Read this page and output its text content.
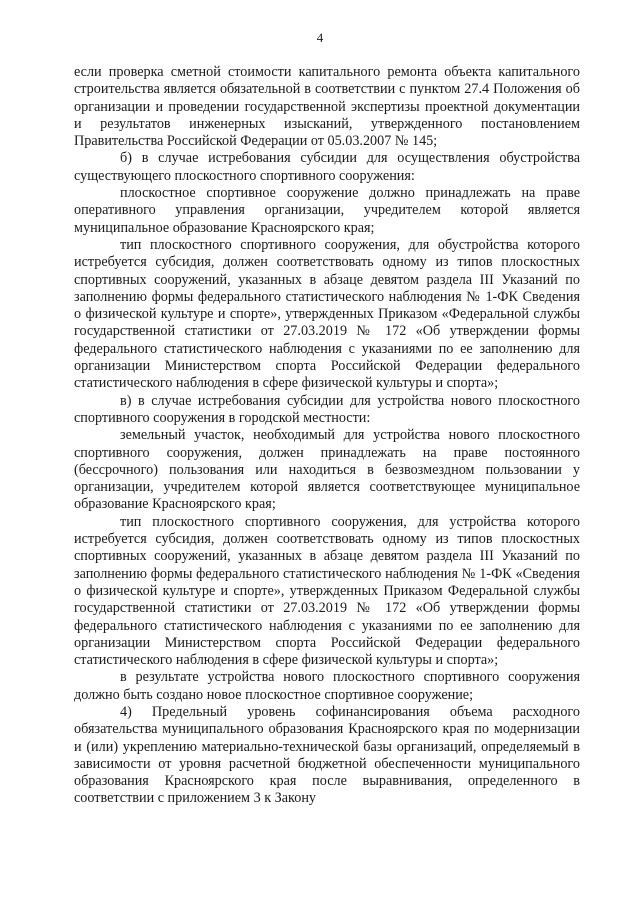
4

если проверка сметной стоимости капитального ремонта объекта капитального строительства является обязательной в соответствии с пунктом 27.4 Положения об организации и проведении государственной экспертизы проектной документации и результатов инженерных изысканий, утвержденного постановлением Правительства Российской Федерации от 05.03.2007 № 145;

б) в случае истребования субсидии для осуществления обустройства существующего плоскостного спортивного сооружения:

плоскостное спортивное сооружение должно принадлежать на праве оперативного управления организации, учредителем которой является муниципальное образование Красноярского края;

тип плоскостного спортивного сооружения, для обустройства которого истребуется субсидия, должен соответствовать одному из типов плоскостных спортивных сооружений, указанных в абзаце девятом раздела III Указаний по заполнению формы федерального статистического наблюдения № 1-ФК Сведения о физической культуре и спорте», утвержденных Приказом «Федеральной службы государственной статистики от 27.03.2019 № 172 «Об утверждении формы федерального статистического наблюдения с указаниями по ее заполнению для организации Министерством спорта Российской Федерации федерального статистического наблюдения в сфере физической культуры и спорта»;

в) в случае истребования субсидии для устройства нового плоскостного спортивного сооружения в городской местности:

земельный участок, необходимый для устройства нового плоскостного спортивного сооружения, должен принадлежать на праве постоянного (бессрочного) пользования или находиться в безвозмездном пользовании у организации, учредителем которой является соответствующее муниципальное образование Красноярского края;

тип плоскостного спортивного сооружения, для устройства которого истребуется субсидия, должен соответствовать одному из типов плоскостных спортивных сооружений, указанных в абзаце девятом раздела III Указаний по заполнению формы федерального статистического наблюдения № 1-ФК «Сведения о физической культуре и спорте», утвержденных Приказом Федеральной службы государственной статистики от 27.03.2019 № 172 «Об утверждении формы федерального статистического наблюдения с указаниями по ее заполнению для организации Министерством спорта Российской Федерации федерального статистического наблюдения в сфере физической культуры и спорта»;

в результате устройства нового плоскостного спортивного сооружения должно быть создано новое плоскостное спортивное сооружение;

4) Предельный уровень софинансирования объема расходного обязательства муниципального образования Красноярского края по модернизации и (или) укреплению материально-технической базы организаций, определяемый в зависимости от уровня расчетной бюджетной обеспеченности муниципального образования Красноярского края после выравнивания, определенного в соответствии с приложением 3 к Закону
